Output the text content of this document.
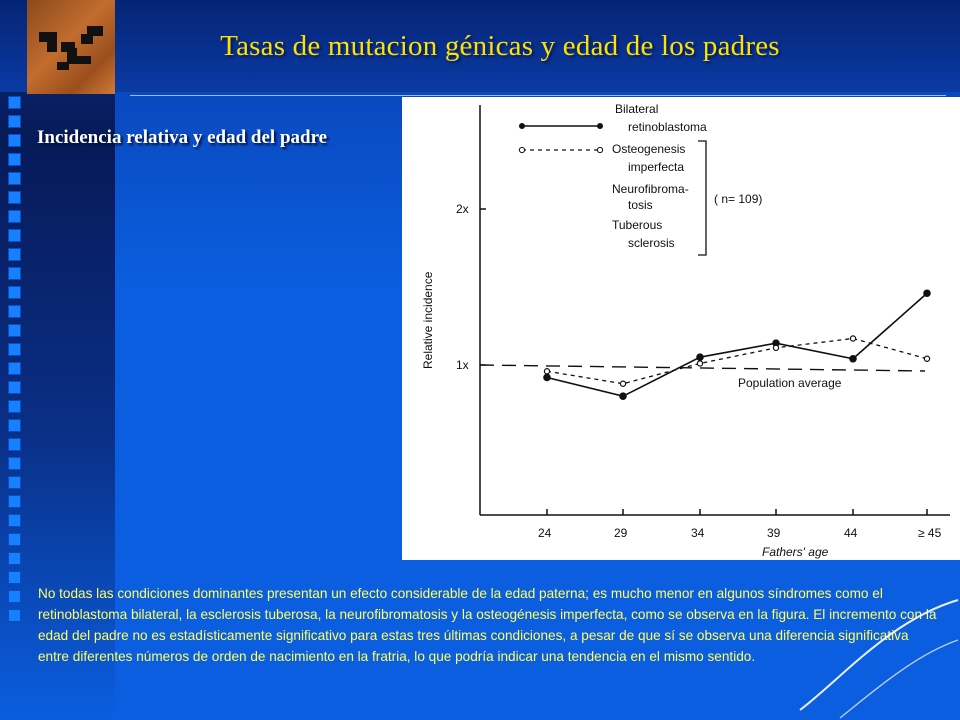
Tasas de mutacion génicas y edad de los padres
Incidencia relativa y edad del padre
1x
2x
Relative incidence
24	29	34	39	44	≥ 45
Fathers' age
Population average
Bilateral
retinoblastoma
Osteogenesis
imperfecta
Neurofibroma-
tosis
Tuberous
sclerosis
( n= 109)
No todas las condiciones dominantes presentan un efecto considerable de la edad paterna; es mucho menor en algunos síndromes como el retinoblastoma bilateral, la esclerosis tuberosa, la neurofibromatosis y la osteogénesis imperfecta, como se observa en la figura. El incremento con la edad del padre no es estadísticamente significativo para estas tres últimas condiciones, a pesar de que sí se observa una diferencia significativa entre diferentes números de orden de nacimiento en la fratria, lo que podría indicar una tendencia en el mismo sentido.
